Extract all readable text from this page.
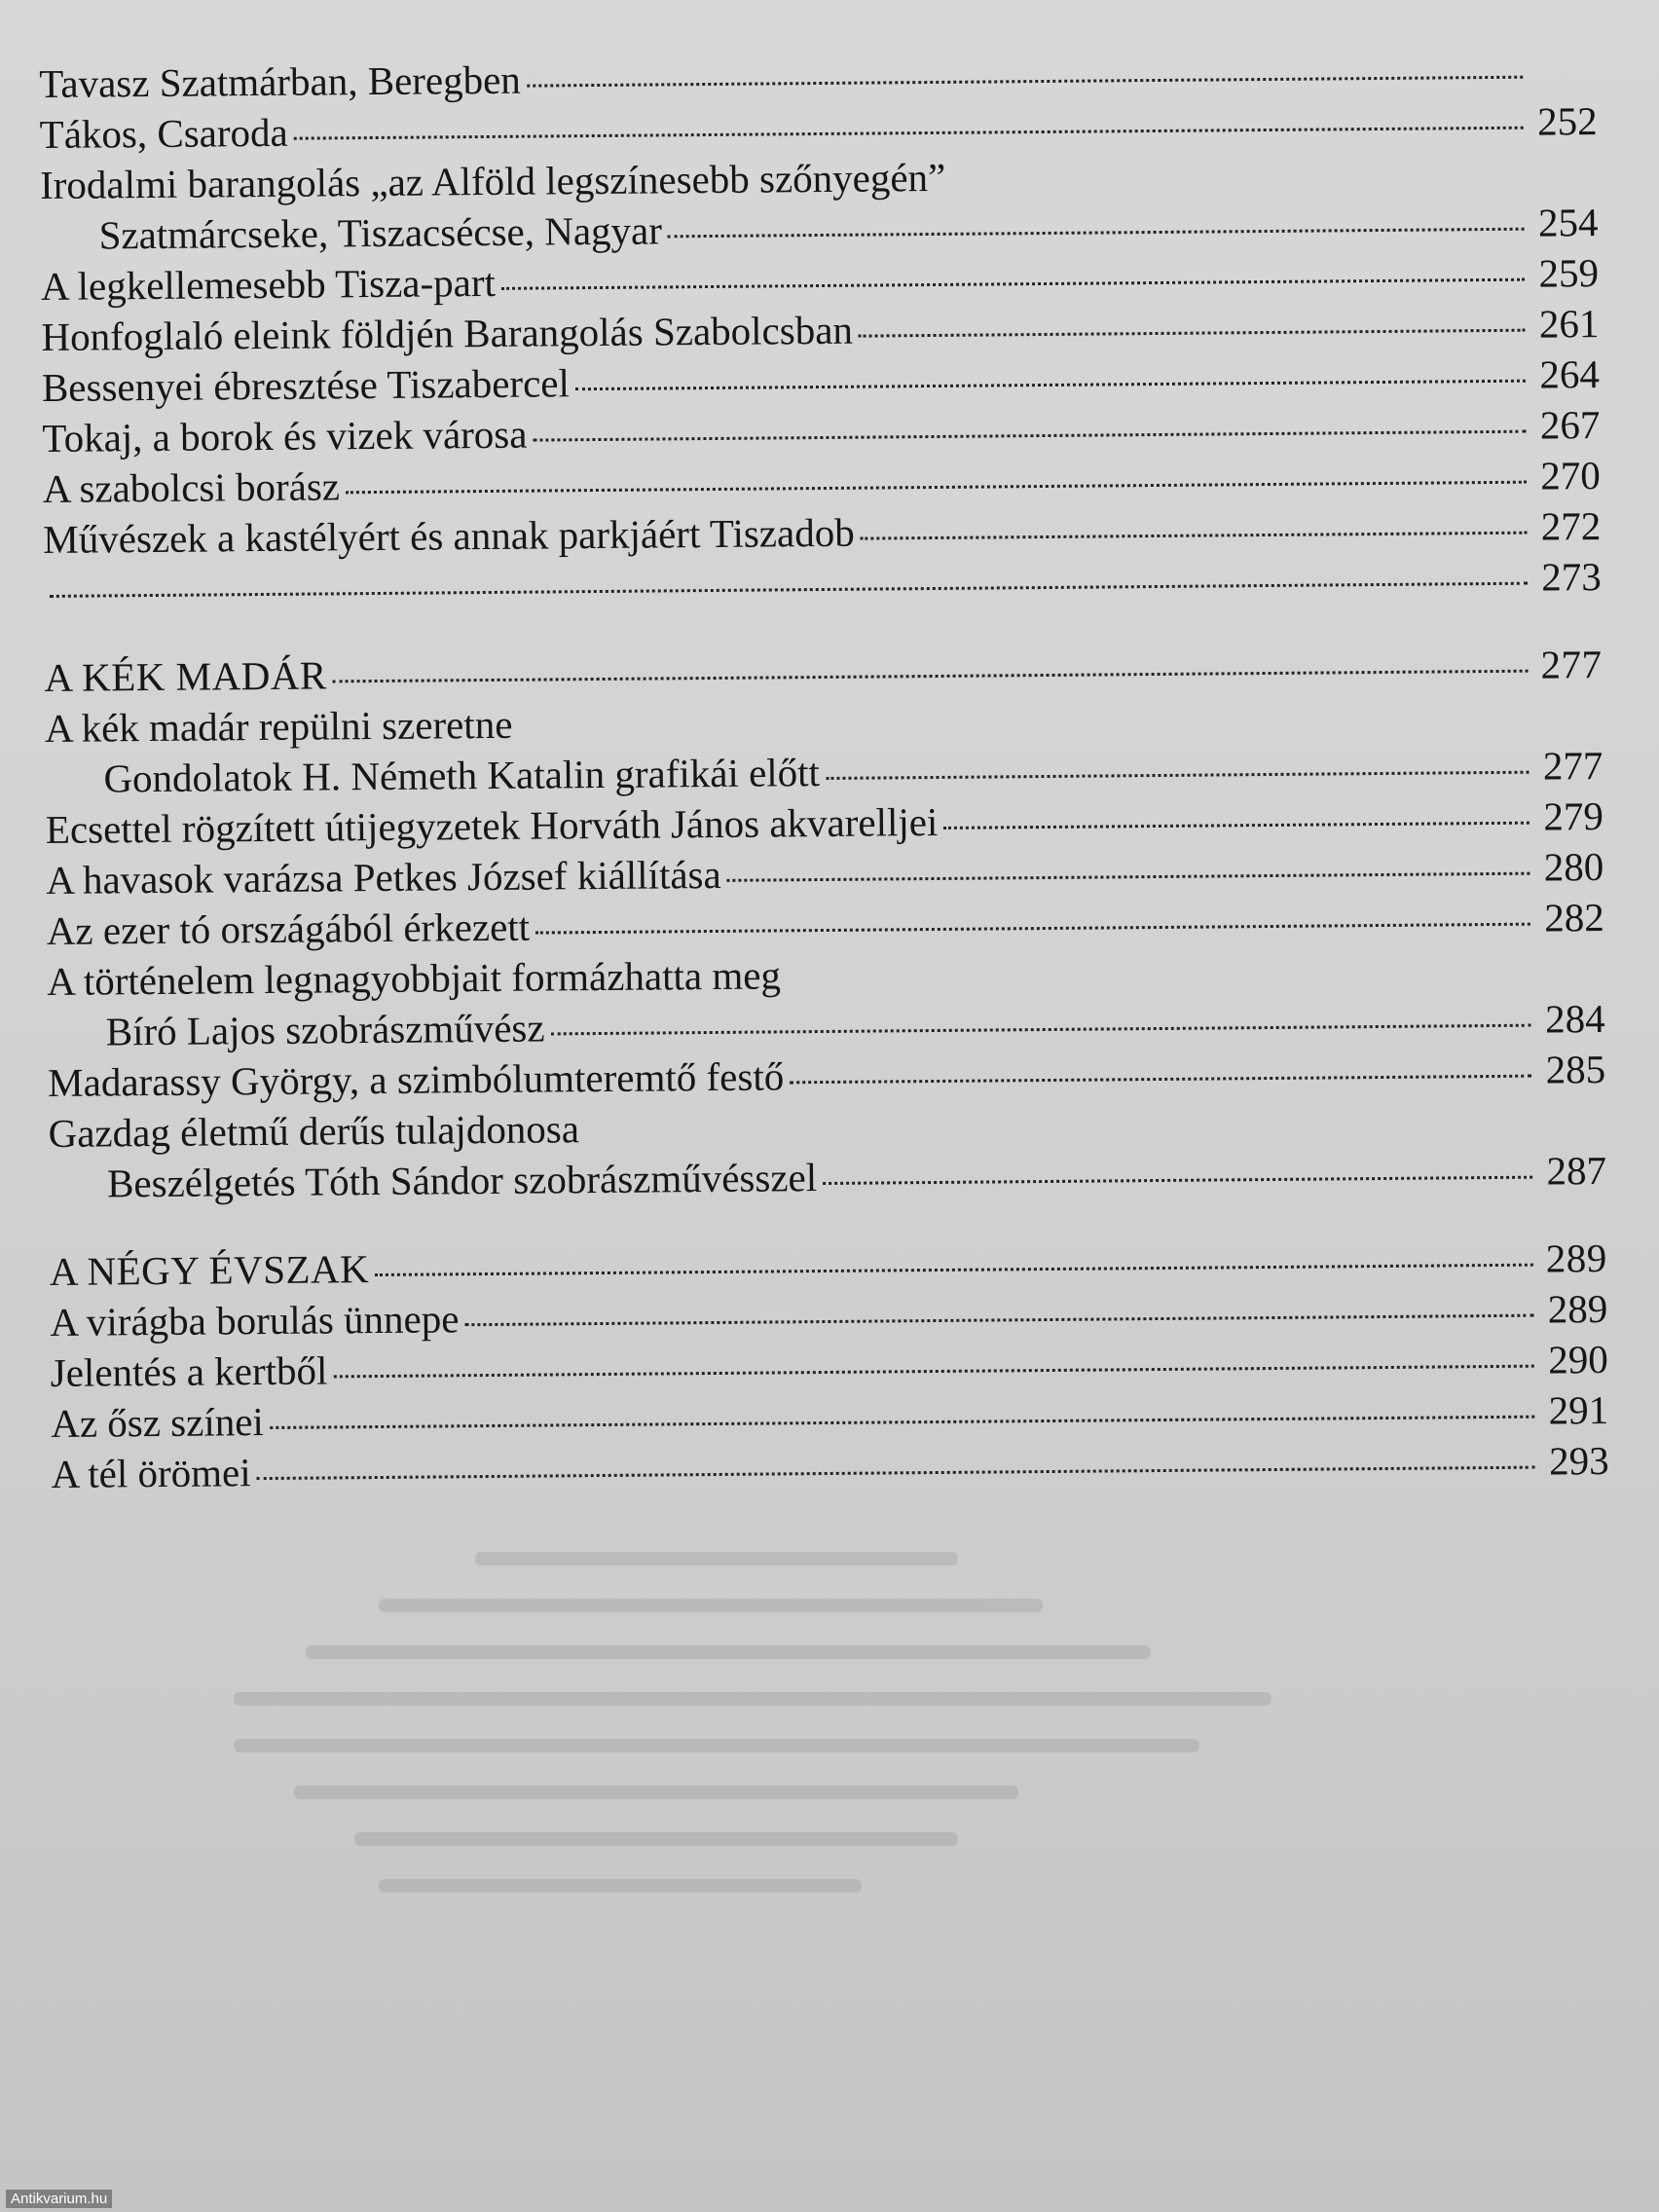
Tavasz Szatmárban, Beregben
Tákos, Csaroda	252
Irodalmi barangolás „az Alföld legszínesebb szőnyegén”
Szatmárcseke, Tiszacsécse, Nagyar	254
A legkellemesebb Tisza-part	259
Honfoglaló eleink földjén Barangolás Szabolcsban	261
Bessenyei ébresztése Tiszabercel	264
Tokaj, a borok és vizek városa	267
A szabolcsi borász	270
Művészek a kastélyért és annak parkjáért Tiszadob	272
273
A KÉK MADÁR	277
A kék madár repülni szeretne
Gondolatok H. Németh Katalin grafikái előtt	277
Ecsettel rögzített útijegyzetek Horváth János akvarelljei	279
A havasok varázsa Petkes József kiállítása	280
Az ezer tó országából érkezett	282
A történelem legnagyobbjait formázhatta meg
Bíró Lajos szobrászművész	284
Madarassy György, a szimbólumteremtő festő	285
Gazdag életmű derűs tulajdonosa
Beszélgetés Tóth Sándor szobrászművésszel	287
A NÉGY ÉVSZAK	289
A virágba borulás ünnepe	289
Jelentés a kertből	290
Az ősz színei	291
A tél örömei	293
Antikvarium.hu
